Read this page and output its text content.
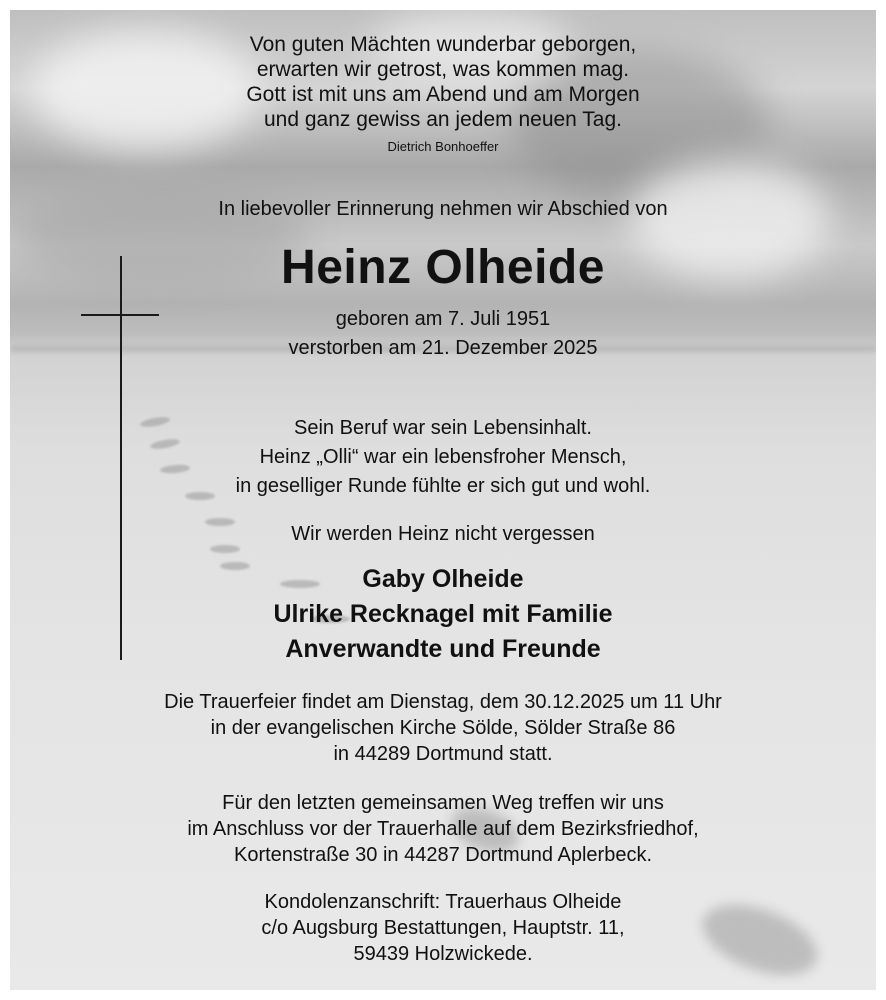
Von guten Mächten wunderbar geborgen,
erwarten wir getrost, was kommen mag.
Gott ist mit uns am Abend und am Morgen
und ganz gewiss an jedem neuen Tag.
Dietrich Bonhoeffer
In liebevoller Erinnerung nehmen wir Abschied von
Heinz Olheide
geboren am 7. Juli 1951
verstorben am 21. Dezember 2025
Sein Beruf war sein Lebensinhalt.
Heinz „Olli“ war ein lebensfroher Mensch,
in geselliger Runde fühlte er sich gut und wohl.
Wir werden Heinz nicht vergessen
Gaby Olheide
Ulrike Recknagel mit Familie
Anverwandte und Freunde
Die Trauerfeier findet am Dienstag, dem 30.12.2025 um 11 Uhr
in der evangelischen Kirche Sölde, Sölder Straße 86
in 44289 Dortmund statt.
Für den letzten gemeinsamen Weg treffen wir uns
im Anschluss vor der Trauerhalle auf dem Bezirksfriedhof,
Kortenstraße 30 in 44287 Dortmund Aplerbeck.
Kondolenzanschrift: Trauerhaus Olheide
c/o Augsburg Bestattungen, Hauptstr. 11,
59439 Holzwickede.
